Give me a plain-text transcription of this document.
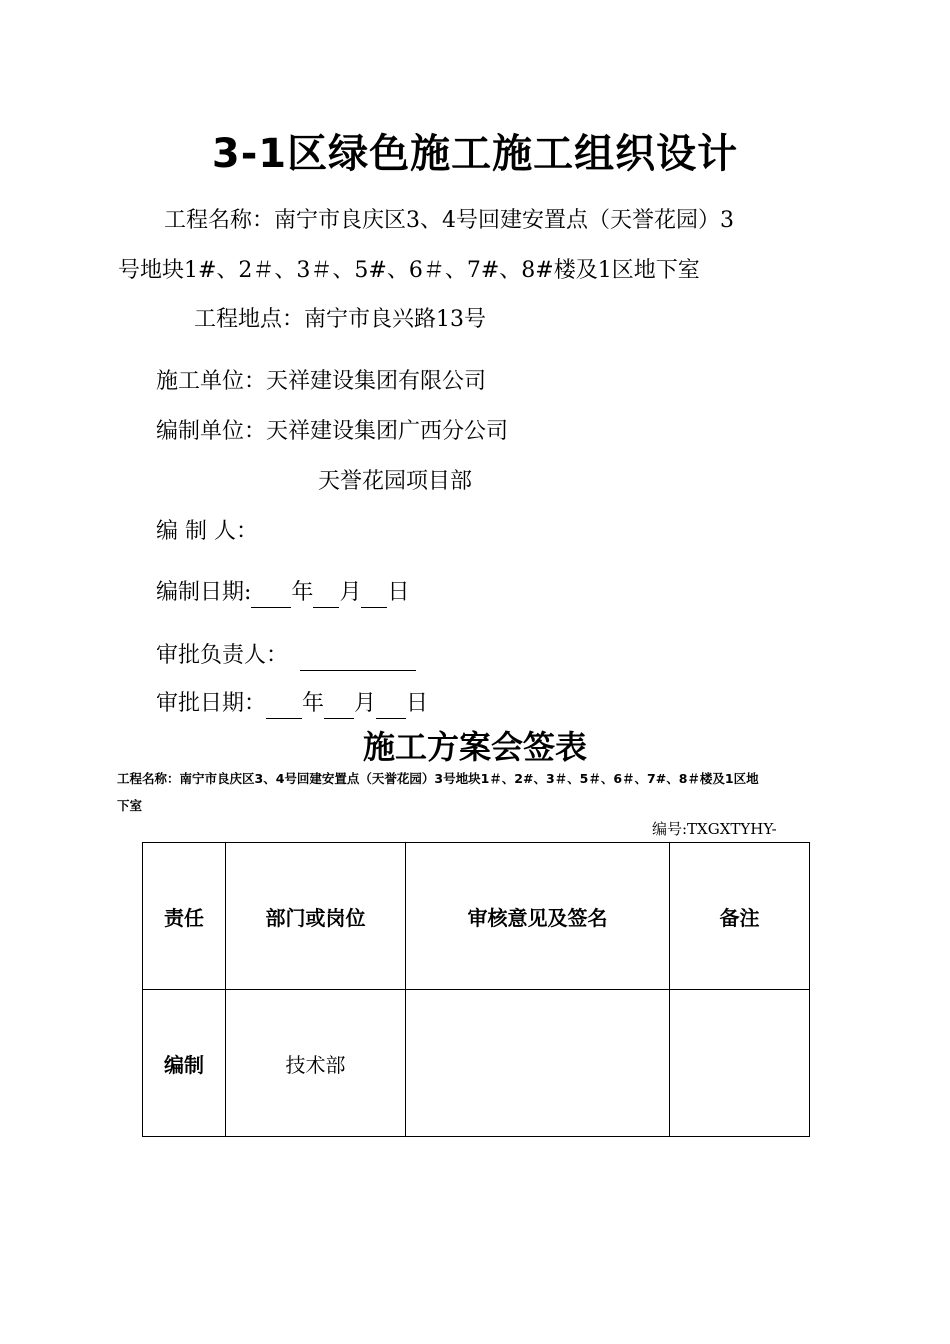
3-1区绿色施工施工组织设计
工程名称：南宁市良庆区3、4号回建安置点（天誉花园）3
号地块1#、2＃、3＃、5#、6＃、7#、8#楼及1区地下室
工程地点：南宁市良兴路13号
施工单位：天祥建设集团有限公司
编制单位：天祥建设集团广西分公司
天誉花园项目部
编 制 人：
编制日期: 年 月 日
审批负责人：
审批日期： 年 月 日
施工方案会签表
工程名称：南宁市良庆区3、4号回建安置点（天誉花园）3号地块1＃、2#、3＃、5＃、6＃、7#、8＃楼及1区地
下室
编号:TXGXTYHY-
责任	部门或岗位	审核意见及签名	备注
编制	技术部		
